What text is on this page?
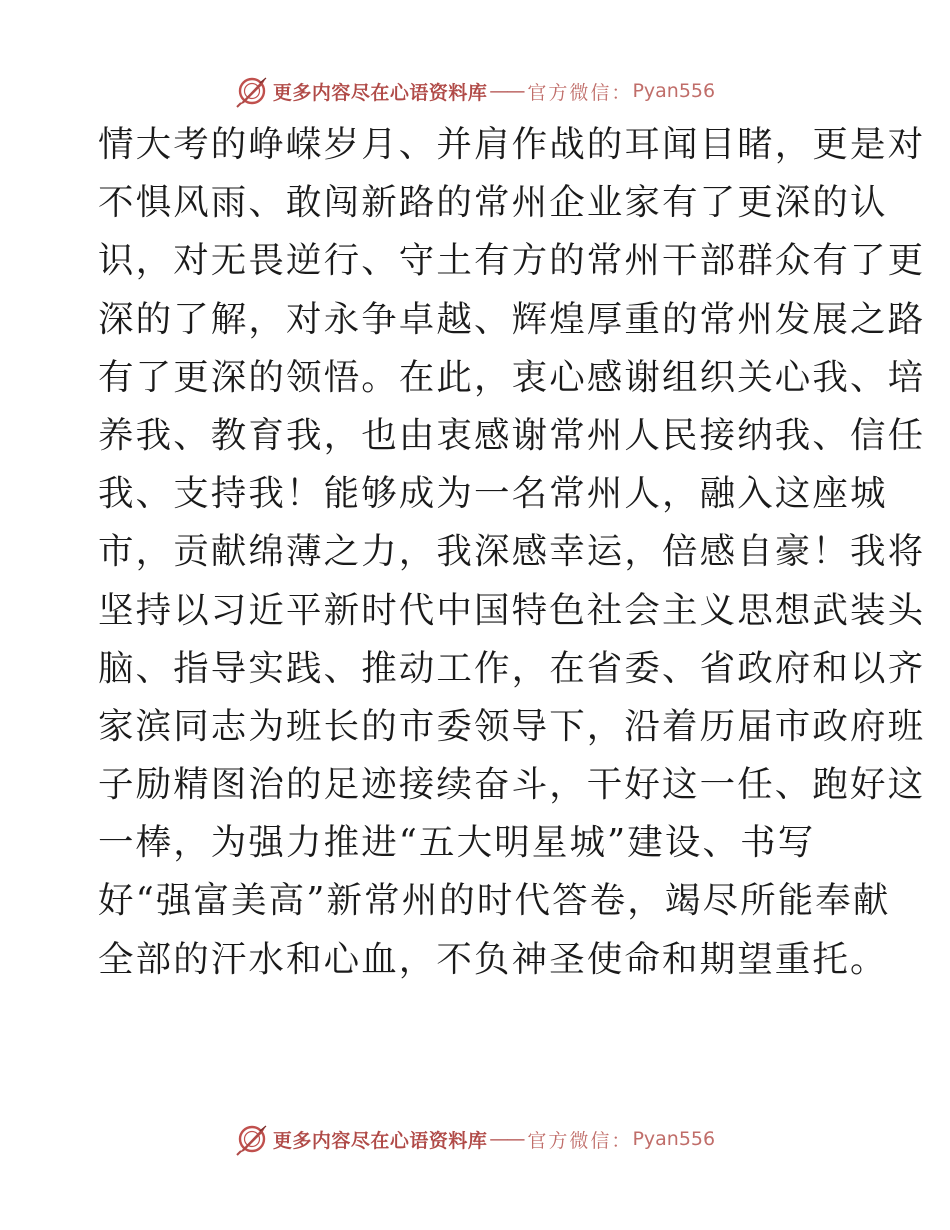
更多内容尽在心语资料库 —— 官方微信： Pyan556
情大考的峥嵘岁月、并肩作战的耳闻目睹，更是对
不惧风雨、敢闯新路的常州企业家有了更深的认
识，对无畏逆行、守土有方的常州干部群众有了更
深的了解，对永争卓越、辉煌厚重的常州发展之路
有了更深的领悟。在此，衷心感谢组织关心我、培
养我、教育我，也由衷感谢常州人民接纳我、信任
我、支持我！能够成为一名常州人，融入这座城
市，贡献绵薄之力，我深感幸运，倍感自豪！我将
坚持以习近平新时代中国特色社会主义思想武装头
脑、指导实践、推动工作，在省委、省政府和以齐
家滨同志为班长的市委领导下，沿着历届市政府班
子励精图治的足迹接续奋斗，干好这一任、跑好这
一棒，为强力推进“五大明星城”建设、书写
好“强富美高”新常州的时代答卷，竭尽所能奉献
全部的汗水和心血，不负神圣使命和期望重托。
更多内容尽在心语资料库 —— 官方微信： Pyan556
